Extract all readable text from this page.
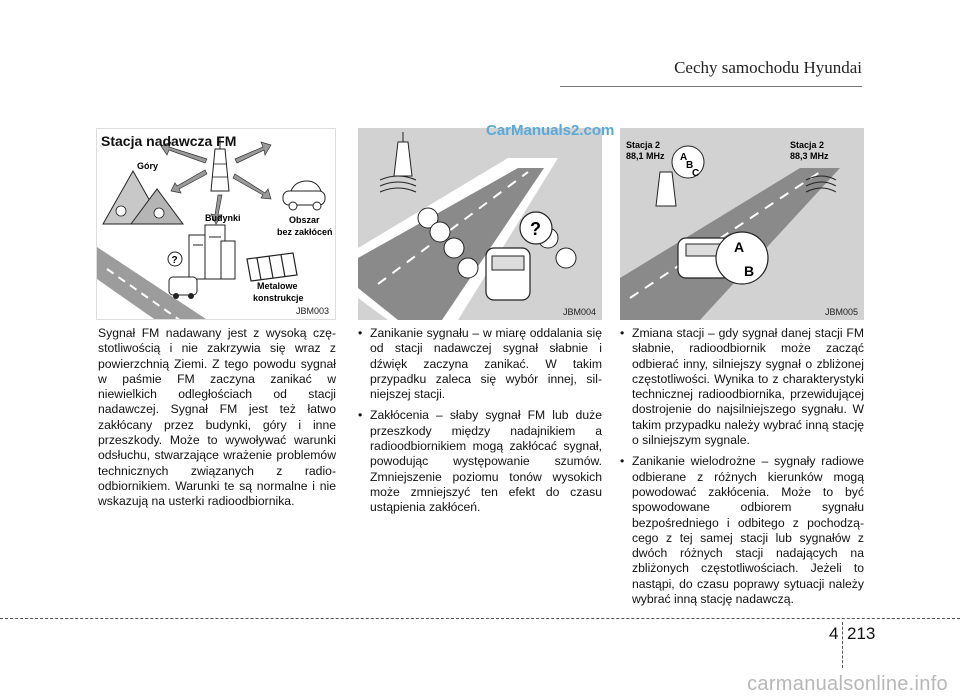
Cechy samochodu Hyundai
?
Góry
Budynki	Obszar
bez zakłóceń
Metalowe
konstrukcje
Stacja nadawcza FM
JBM003
?
JBM004
A
B
C
A
B
Stacja 2
88,1 MHz
Stacja 2
88,3 MHz
JBM005
CarManuals2.com

Sygnał FM nadawany jest z wysoką częstotliwością i nie zakrzywia się wraz z powierzchnią Ziemi. Z tego powodu sygnał w paśmie FM zaczyna zanikać w niewielkich odległościach od stacji nadawczej. Sygnał FM jest też łatwo zakłócany przez budynki, góry i inne przeszkody. Może to wywoływać warunki odsłuchu, stwarzające wrażenie problemów technicznych związanych z radioodbiornikiem. Warunki te są normalne i nie wskazują na usterki radioodbiornika.

• Zanikanie sygnału – w miarę oddalania się od stacji nadawczej sygnał słabnie i dźwięk zaczyna zanikać. W takim przypadku zaleca się wybór innej, silniejszej stacji.
• Zakłócenia – słaby sygnał FM lub duże przeszkody między nadajnikiem a radioodbiornikiem mogą zakłócać sygnał, powodując występowanie szumów. Zmniejszenie poziomu tonów wysokich może zmniejszyć ten efekt do czasu ustąpienia zakłóceń.
• Zmiana stacji – gdy sygnał danej stacji FM słabnie, radioodbiornik może zacząć odbierać inny, silniejszy sygnał o zbliżonej częstotliwości. Wynika to z charakterystyki technicznej radioodbiornika, przewidującej dostrojenie do najsilniejszego sygnału. W takim przypadku należy wybrać inną stację o silniejszym sygnale.
• Zanikanie wielodrożne – sygnały radiowe odbierane z różnych kierunków mogą powodować zakłócenia. Może to być spowodowane odbiorem sygnału bezpośredniego i odbitego z pochodzącego z tej samej stacji lub sygnałów z dwóch różnych stacji nadających na zbliżonych częstotliwościach. Jeżeli to nastąpi, do czasu poprawy sytuacji należy wybrać inną stację nadawczą.
4 213
carmanualsonline.info
